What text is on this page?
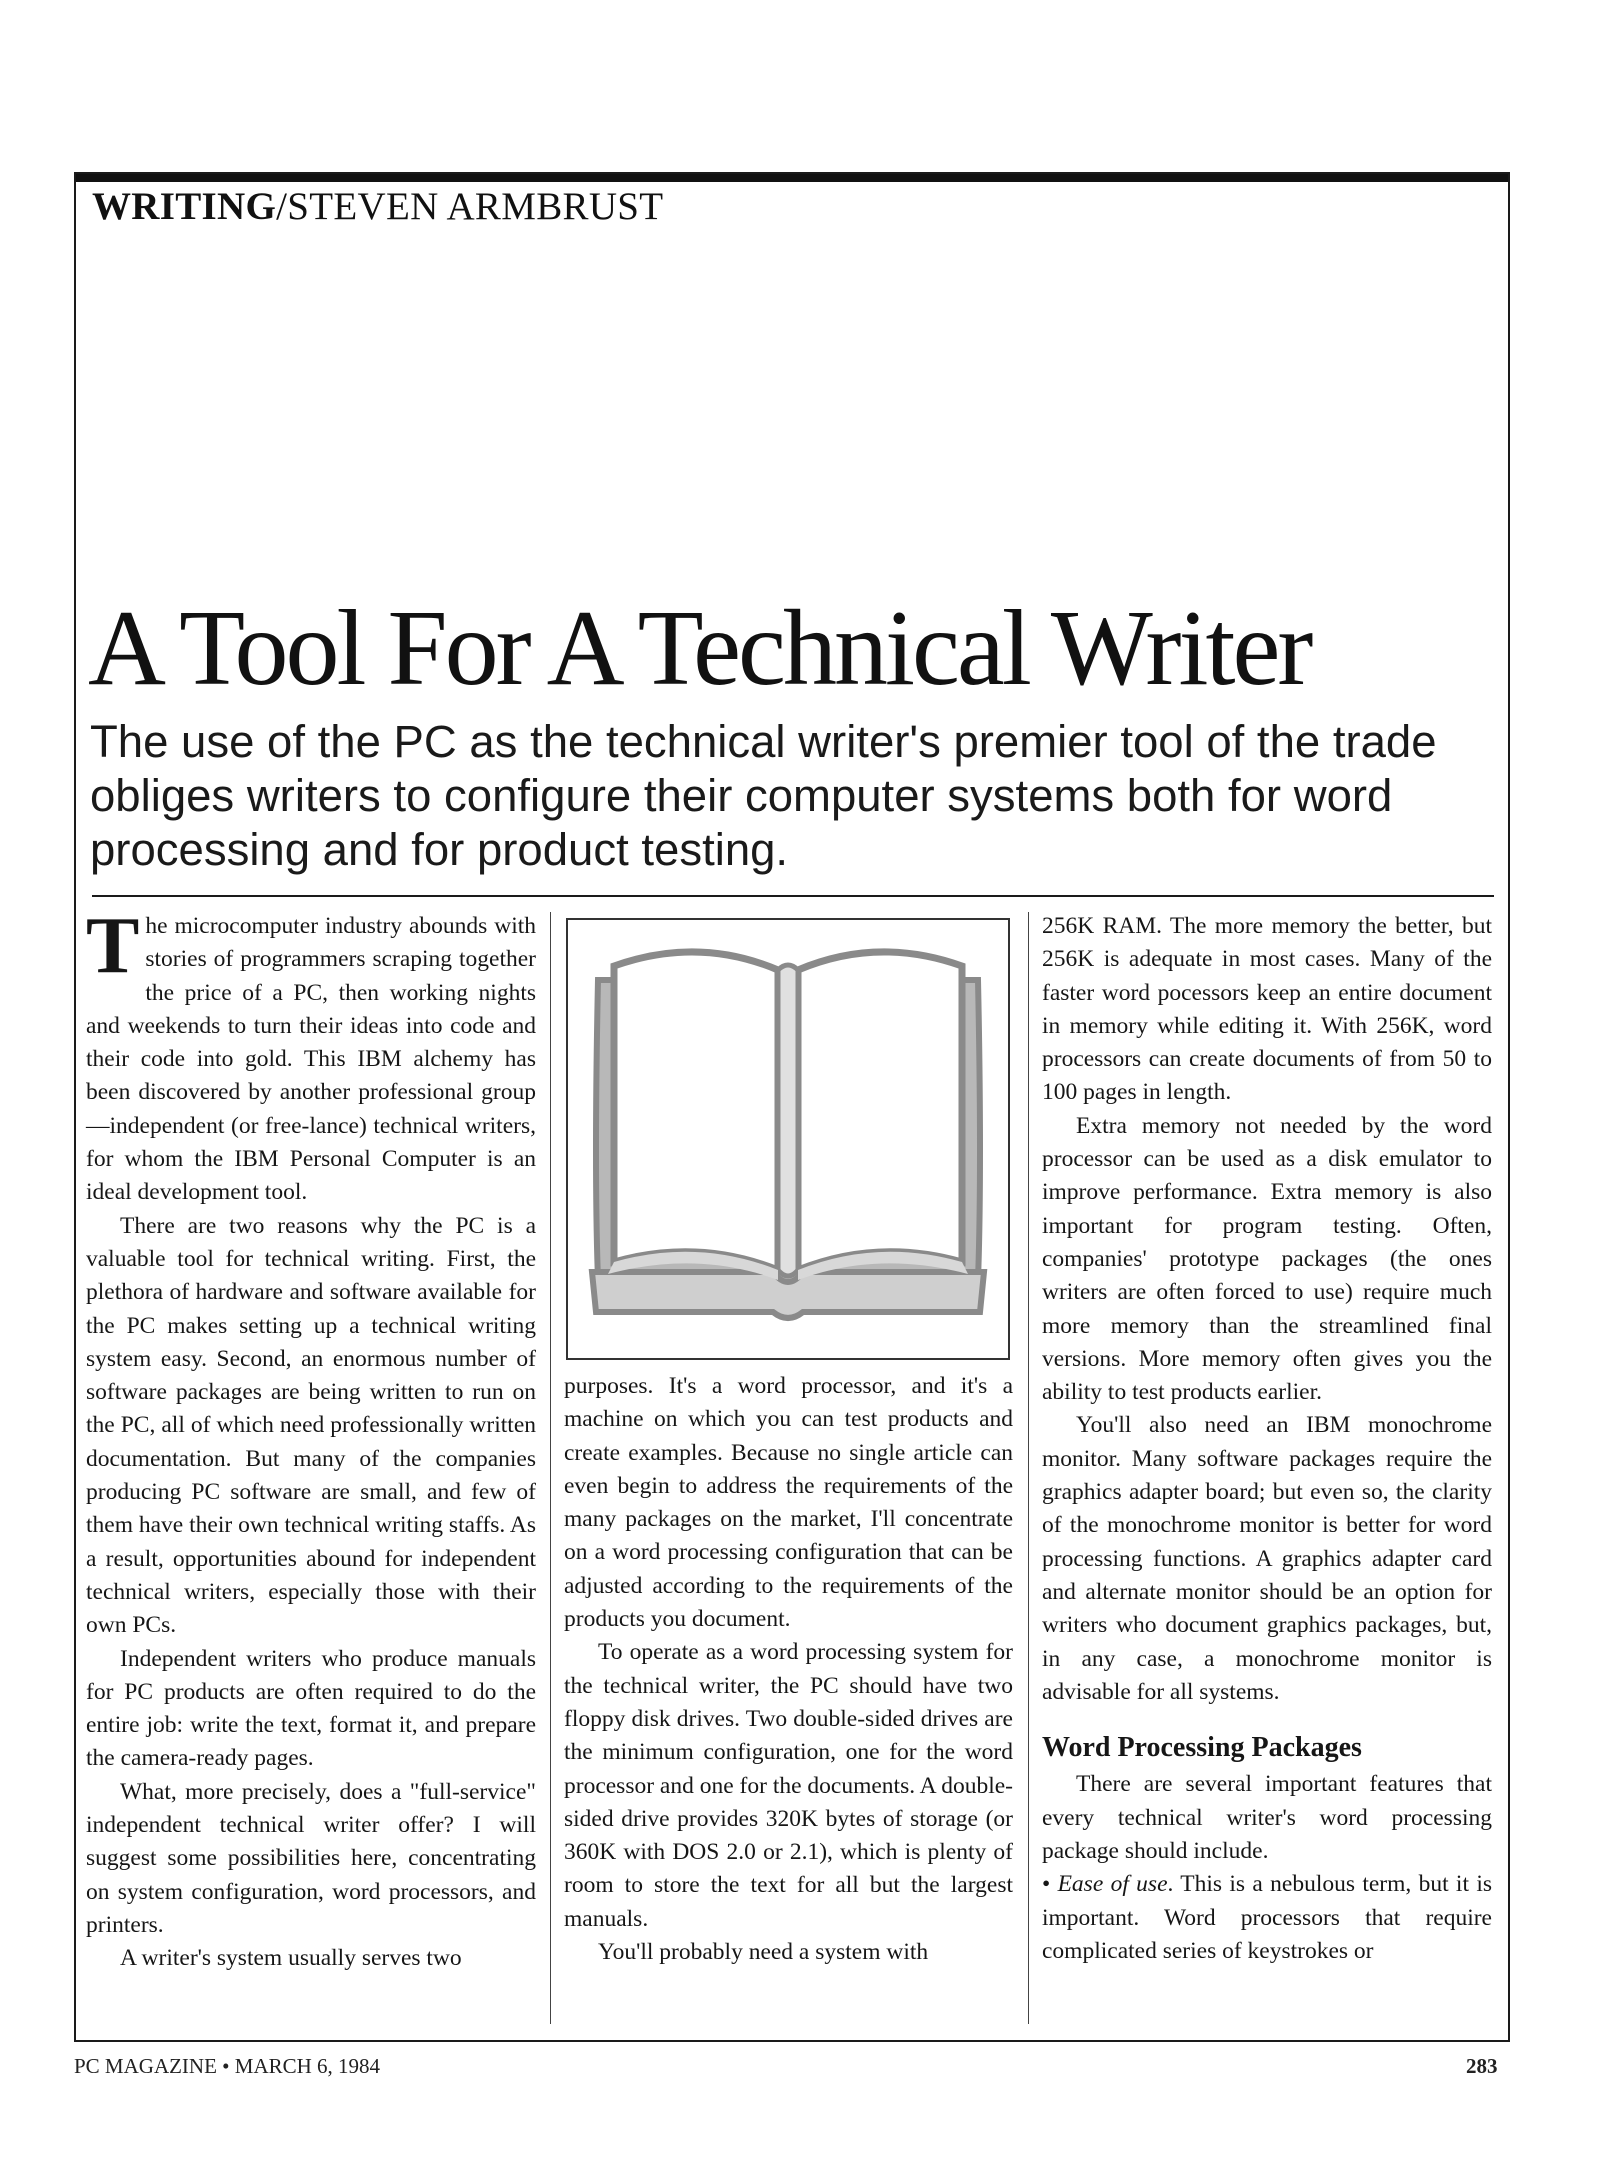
WRITING/STEVEN ARMBRUST
A Tool For A Technical Writer
The use of the PC as the technical writer's premier tool of the trade obliges writers to configure their computer systems both for word processing and for product testing.

The microcomputer industry abounds with stories of programmers scraping together the price of a PC, then working nights and weekends to turn their ideas into code and their code into gold. This IBM alchemy has been discovered by another professional group—independent (or free-lance) technical writers, for whom the IBM Personal Computer is an ideal development tool.

There are two reasons why the PC is a valuable tool for technical writing. First, the plethora of hardware and software available for the PC makes setting up a technical writing system easy. Second, an enormous number of software packages are being written to run on the PC, all of which need professionally written documentation. But many of the companies producing PC software are small, and few of them have their own technical writing staffs. As a result, opportunities abound for independent technical writers, especially those with their own PCs.

Independent writers who produce manuals for PC products are often required to do the entire job: write the text, format it, and prepare the camera-ready pages.

What, more precisely, does a "full-service" independent technical writer offer? I will suggest some possibilities here, concentrating on system configuration, word processors, and printers.

A writer's system usually serves two

purposes. It's a word processor, and it's a machine on which you can test products and create examples. Because no single article can even begin to address the requirements of the many packages on the market, I'll concentrate on a word processing configuration that can be adjusted according to the requirements of the products you document.

To operate as a word processing system for the technical writer, the PC should have two floppy disk drives. Two double-sided drives are the minimum configuration, one for the word processor and one for the documents. A double-sided drive provides 320K bytes of storage (or 360K with DOS 2.0 or 2.1), which is plenty of room to store the text for all but the largest manuals.

You'll probably need a system with

256K RAM. The more memory the better, but 256K is adequate in most cases. Many of the faster word pocessors keep an entire document in memory while editing it. With 256K, word processors can create documents of from 50 to 100 pages in length.

Extra memory not needed by the word processor can be used as a disk emulator to improve performance. Extra memory is also important for program testing. Often, companies' prototype packages (the ones writers are often forced to use) require much more memory than the streamlined final versions. More memory often gives you the ability to test products earlier.

You'll also need an IBM monochrome monitor. Many software packages require the graphics adapter board; but even so, the clarity of the monochrome monitor is better for word processing functions. A graphics adapter card and alternate monitor should be an option for writers who document graphics packages, but, in any case, a monochrome monitor is advisable for all systems.

Word Processing Packages

There are several important features that every technical writer's word processing package should include.

• Ease of use. This is a nebulous term, but it is important. Word processors that require complicated series of keystrokes or

PC MAGAZINE • MARCH 6, 1984	283
